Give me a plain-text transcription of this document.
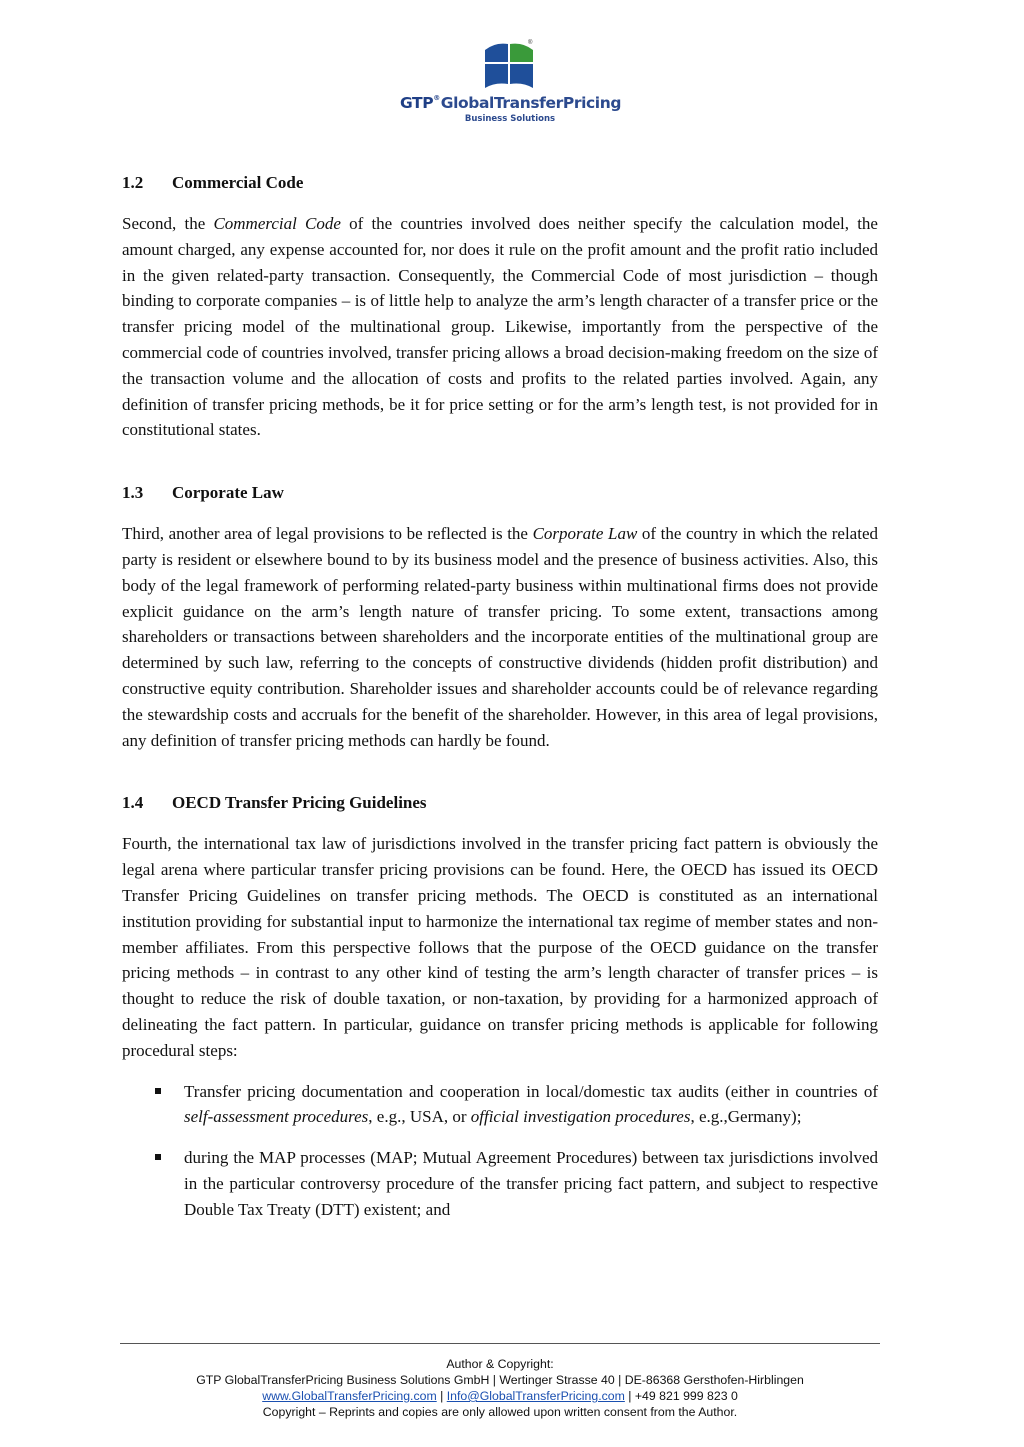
®
GTP®GlobalTransferPricing
Business Solutions
1.2 Commercial Code

Second, the Commercial Code of the countries involved does neither specify the calculation model, the amount charged, any expense accounted for, nor does it rule on the profit amount and the profit ratio included in the given related-party transaction. Consequently, the Commercial Code of most jurisdiction – though binding to corporate companies – is of little help to analyze the arm’s length character of a transfer price or the transfer pricing model of the multinational group. Likewise, importantly from the perspective of the commercial code of countries involved, transfer pricing allows a broad decision-making freedom on the size of the transaction volume and the allocation of costs and profits to the related parties involved. Again, any definition of transfer pricing methods, be it for price setting or for the arm’s length test, is not provided for in constitutional states.

1.3 Corporate Law

Third, another area of legal provisions to be reflected is the Corporate Law of the country in which the related party is resident or elsewhere bound to by its business model and the presence of business activities. Also, this body of the legal framework of performing related-party business within multinational firms does not provide explicit guidance on the arm’s length nature of transfer pricing. To some extent, transactions among shareholders or transactions between shareholders and the incorporate entities of the multinational group are determined by such law, referring to the concepts of constructive dividends (hidden profit distribution) and constructive equity contribution. Shareholder issues and shareholder accounts could be of relevance regarding the stewardship costs and accruals for the benefit of the shareholder. However, in this area of legal provisions, any definition of transfer pricing methods can hardly be found.

1.4 OECD Transfer Pricing Guidelines

Fourth, the international tax law of jurisdictions involved in the transfer pricing fact pattern is obviously the legal arena where particular transfer pricing provisions can be found. Here, the OECD has issued its OECD Transfer Pricing Guidelines on transfer pricing methods. The OECD is constituted as an international institution providing for substantial input to harmonize the international tax regime of member states and non-member affiliates. From this perspective follows that the purpose of the OECD guidance on the transfer pricing methods – in contrast to any other kind of testing the arm’s length character of transfer prices – is thought to reduce the risk of double taxation, or non-taxation, by providing for a harmonized approach of delineating the fact pattern. In particular, guidance on transfer pricing methods is applicable for following procedural steps:

Transfer pricing documentation and cooperation in local/domestic tax audits (either in countries of self-assessment procedures, e.g., USA, or official investigation procedures, e.g.,Germany);
during the MAP processes (MAP; Mutual Agreement Procedures) between tax jurisdictions involved in the particular controversy procedure of the transfer pricing fact pattern, and subject to respective Double Tax Treaty (DTT) existent; and
Author & Copyright:
GTP GlobalTransferPricing Business Solutions GmbH | Wertinger Strasse 40 | DE-86368 Gersthofen-Hirblingen
www.GlobalTransferPricing.com | Info@GlobalTransferPricing.com | +49 821 999 823 0
Copyright – Reprints and copies are only allowed upon written consent from the Author.
